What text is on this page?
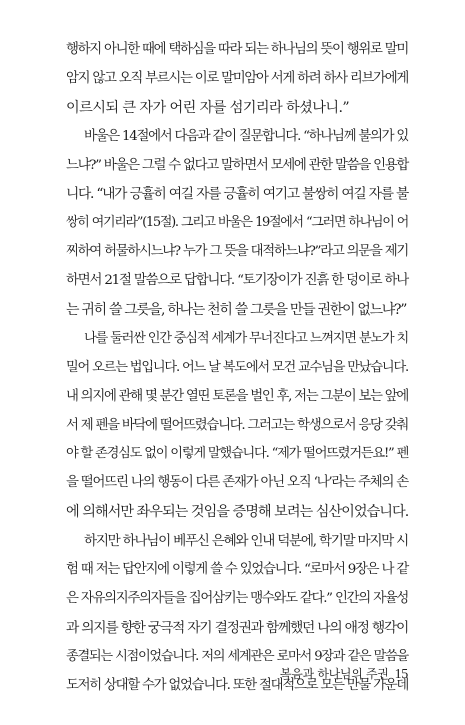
행하지 아니한 때에 택하심을 따라 되는 하나님의 뜻이 행위로 말미
암지 않고 오직 부르시는 이로 말미암아 서게 하려 하사 리브가에게
이르시되 큰 자가 어린 자를 섬기리라 하셨나니.”
바울은 14절에서 다음과 같이 질문합니다. “하나님께 불의가 있
느냐?” 바울은 그럴 수 없다고 말하면서 모세에 관한 말씀을 인용합
니다. “내가 긍휼히 여길 자를 긍휼히 여기고 불쌍히 여길 자를 불
쌍히 여기리라”(15절). 그리고 바울은 19절에서 “그러면 하나님이 어
찌하여 허물하시느냐? 누가 그 뜻을 대적하느냐?”라고 의문을 제기
하면서 21절 말씀으로 답합니다. “토기장이가 진흙 한 덩이로 하나
는 귀히 쓸 그릇을, 하나는 천히 쓸 그릇을 만들 권한이 없느냐?”
나를 둘러싼 인간 중심적 세계가 무너진다고 느껴지면 분노가 치
밀어 오르는 법입니다. 어느 날 복도에서 모건 교수님을 만났습니다.
내 의지에 관해 몇 분간 열띤 토론을 벌인 후, 저는 그분이 보는 앞에
서 제 펜을 바닥에 떨어뜨렸습니다. 그러고는 학생으로서 응당 갖춰
야 할 존경심도 없이 이렇게 말했습니다. “제가 떨어뜨렸거든요!” 펜
을 떨어뜨린 나의 행동이 다른 존재가 아닌 오직 ‘나’라는 주체의 손
에 의해서만 좌우되는 것임을 증명해 보려는 심산이었습니다.
하지만 하나님이 베푸신 은혜와 인내 덕분에, 학기말 마지막 시
험 때 저는 답안지에 이렇게 쓸 수 있었습니다. “로마서 9장은 나 같
은 자유의지주의자들을 집어삼키는 맹수와도 같다.” 인간의 자율성
과 의지를 향한 궁극적 자기 결정권과 함께했던 나의 애정 행각이
종결되는 시점이었습니다. 저의 세계관은 로마서 9장과 같은 말씀을
도저히 상대할 수가 없었습니다. 또한 절대적으로 모든 만물 가운데
복음과 하나님의 주권 15
